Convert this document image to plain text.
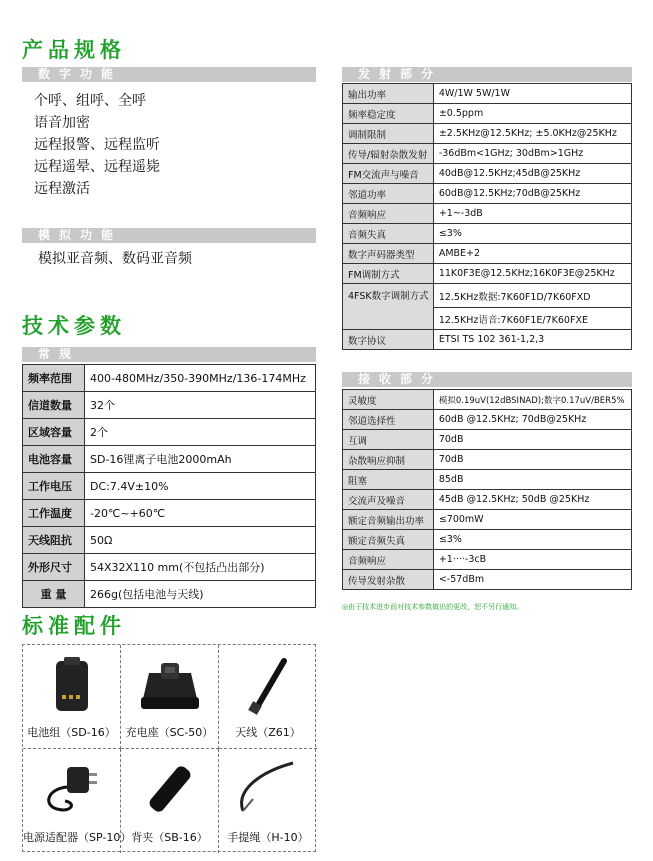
产品规格
数字功能
个呼、组呼、全呼
语音加密
远程报警、远程监听
远程遥晕、远程遥毙
远程激活
模拟功能
模拟亚音频、数码亚音频
技术参数
常规
频率范围	400-480MHz/350-390MHz/136-174MHz
信道数量	32个
区域容量	2个
电池容量	SD-16锂离子电池2000mAh
工作电压	DC:7.4V±10%
工作温度	-20℃~+60℃
天线阻抗	50Ω
外形尺寸	54X32X110 mm(不包括凸出部分)
重 量	266g(包括电池与天线)
标准配件
电池组（SD-16） 充电座（SC-50）	天线（Z61）
电源适配器（SP-10） 背夹（SB-16）	手提绳（H-10）
发射部分
输出功率	4W/1W 5W/1W
频率稳定度	±0.5ppm
调制限制	±2.5KHz@12.5KHz; ±5.0KHz@25KHz
传导/辐射杂散发射	-36dBm<1GHz; 30dBm>1GHz
FM交流声与噪音	40dB@12.5KHz;45dB@25KHz
邻道功率	60dB@12.5KHz;70dB@25KHz
音频响应	+1~-3dB
音频失真	≤3%
数字声码器类型	AMBE+2
FM调制方式	11K0F3E@12.5KHz;16K0F3E@25KHz
4FSK数字调制方式	12.5KHz数据:7K60F1D/7K60FXD
	12.5KHz语音:7K60F1E/7K60FXE
数字协议	ETSI TS 102 361-1,2,3
接收部分
灵敏度	模拟0.19uV(12dBSINAD);数字0.17uV/BER5%
邻道选择性	60dB @12.5KHz; 70dB@25KHz
互调	70dB
杂散响应抑制	70dB
阻塞	85dB
交流声及噪音	45dB @12.5KHz; 50dB @25KHz
额定音频输出功率	≤700mW
额定音频失真	≤3%
音频响应	+1····-3cB
传导发射杂散	<-57dBm
◎由于技术进步而对技术参数做出的更改，恕不另行通知。
